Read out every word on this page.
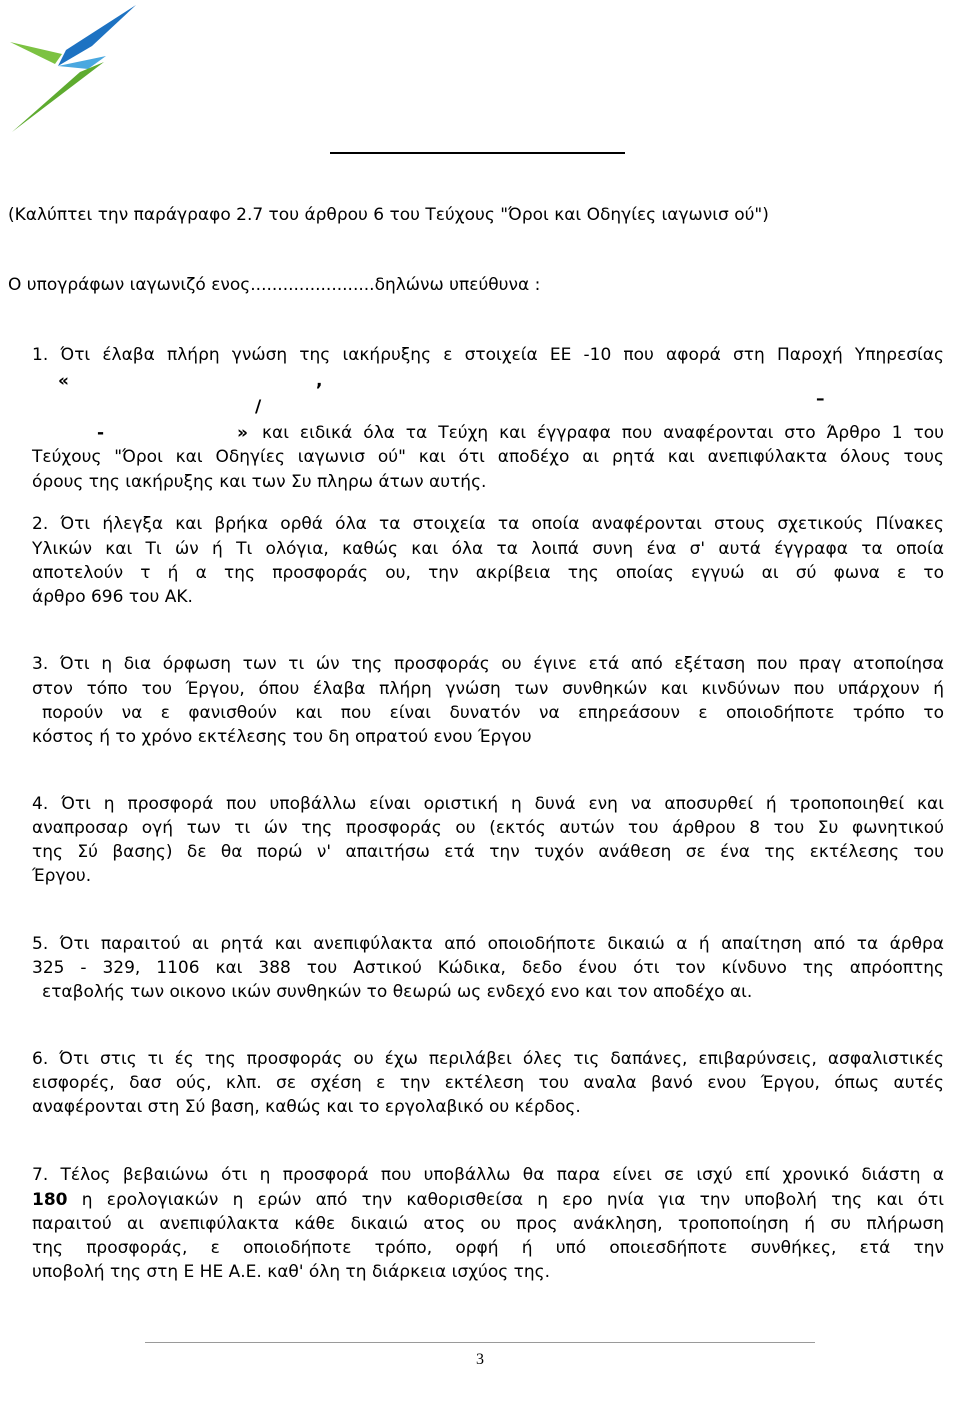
(Καλύπτει την παράγραφο 2.7 του άρθρου 6 του Τεύχους "Όροι και Οδηγίες ιαγωνισ ού")
Ο υπογράφων ιαγωνιζό ενος.......................δηλώνω υπεύθυνα :
1. Ότι έλαβα πλήρη γνώση της ιακήρυξης ε στοιχεία ΕΕ -10 που αφορά στη Παροχή Υπηρεσίας
«	,
/	–
-	» και ειδικά όλα τα Τεύχη και έγγραφα που αναφέρονται στο Άρθρο 1 του
Τεύχους "Όροι και Οδηγίες ιαγωνισ ού" και ότι αποδέχο αι ρητά και ανεπιφύλακτα όλους τους
όρους της ιακήρυξης και των Συ πληρω άτων αυτής.
2. Ότι ήλεγξα και βρήκα ορθά όλα τα στοιχεία τα οποία αναφέρονται στους σχετικούς Πίνακες
Υλικών και Τι ών ή Τι ολόγια, καθώς και όλα τα λοιπά συνη ένα σ' αυτά έγγραφα τα οποία
αποτελούν τ ή α της προσφοράς ου, την ακρίβεια της οποίας εγγυώ αι σύ φωνα ε το
άρθρο 696 του ΑΚ.
3. Ότι η δια όρφωση των τι ών της προσφοράς ου έγινε ετά από εξέταση που πραγ ατοποίησα
στον τόπο του Έργου, όπου έλαβα πλήρη γνώση των συνθηκών και κινδύνων που υπάρχουν ή
πορούν να ε φανισθούν και που είναι δυνατόν να επηρεάσουν ε οποιοδήποτε τρόπο το
κόστος ή το χρόνο εκτέλεσης του δη οπρατού ενου Έργου
4. Ότι η προσφορά που υποβάλλω είναι οριστική η δυνά ενη να αποσυρθεί ή τροποποιηθεί και
αναπροσαρ ογή των τι ών της προσφοράς ου (εκτός αυτών του άρθρου 8 του Συ φωνητικού
της Σύ βασης) δε θα πορώ ν' απαιτήσω ετά την τυχόν ανάθεση σε ένα της εκτέλεσης του
Έργου.
5. Ότι παραιτού αι ρητά και ανεπιφύλακτα από οποιοδήποτε δικαιώ α ή απαίτηση από τα άρθρα
325 - 329, 1106 και 388 του Αστικού Κώδικα, δεδο ένου ότι τον κίνδυνο της απρόοπτης
εταβολής των οικονο ικών συνθηκών το θεωρώ ως ενδεχό ενο και τον αποδέχο αι.
6. Ότι στις τι ές της προσφοράς ου έχω περιλάβει όλες τις δαπάνες, επιβαρύνσεις, ασφαλιστικές
εισφορές, δασ ούς, κλπ. σε σχέση ε την εκτέλεση του αναλα βανό ενου Έργου, όπως αυτές
αναφέρονται στη Σύ βαση, καθώς και το εργολαβικό ου κέρδος.
7. Τέλος βεβαιώνω ότι η προσφορά που υποβάλλω θα παρα είνει σε ισχύ επί χρονικό διάστη α
180 η ερολογιακών η ερών από την καθορισθείσα η ερο ηνία για την υποβολή της και ότι
παραιτού αι ανεπιφύλακτα κάθε δικαιώ ατος ου προς ανάκληση, τροποποίηση ή συ πλήρωση
της προσφοράς, ε οποιοδήποτε τρόπο, ορφή ή υπό οποιεσδήποτε συνθήκες, ετά την
υποβολή της στη Ε ΗΕ Α.Ε. καθ' όλη τη διάρκεια ισχύος της.
3
